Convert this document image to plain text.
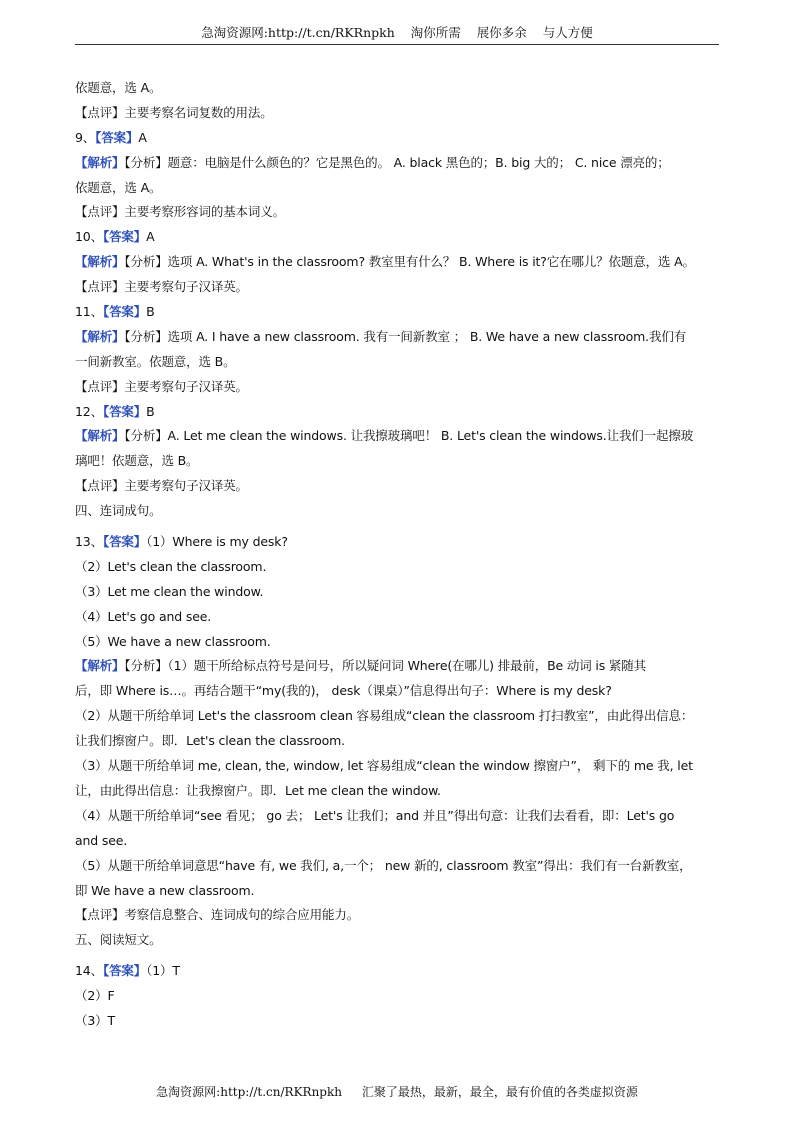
急淘资源网:http://t.cn/RKRnpkh 淘你所需 展你多余 与人方便
依题意，选 A。
【点评】主要考察名词复数的用法。
9、【答案】A
【解析】【分析】题意：电脑是什么颜色的？它是黑色的。 A. black 黑色的；B. big 大的； C. nice 漂亮的；
依题意，选 A。
【点评】主要考察形容词的基本词义。
10、【答案】A
【解析】【分析】选项 A. What's in the classroom? 教室里有什么？ B. Where is it?它在哪儿？依题意，选 A。
【点评】主要考察句子汉译英。
11、【答案】B
【解析】【分析】选项 A. I have a new classroom. 我有一间新教室 ； B. We have a new classroom.我们有
一间新教室。依题意，选 B。
【点评】主要考察句子汉译英。
12、【答案】B
【解析】【分析】A. Let me clean the windows. 让我擦玻璃吧！ B. Let's clean the windows.让我们一起擦玻
璃吧！依题意，选 B。
【点评】主要考察句子汉译英。
四、连词成句。
13、【答案】（1）Where is my desk?
（2）Let's clean the classroom.
（3）Let me clean the window.
（4）Let's go and see.
（5）We have a new classroom.
【解析】【分析】（1）题干所给标点符号是问号，所以疑问词 Where(在哪儿) 排最前，Be 动词 is 紧随其
后，即 Where is…。再结合题干“my(我的)， desk（课桌）”信息得出句子：Where is my desk?
（2）从题干所给单词 Let's the classroom clean 容易组成“clean the classroom 打扫教室”，由此得出信息：
让我们擦窗户。即．Let's clean the classroom.
（3）从题干所给单词 me, clean, the, window, let 容易组成“clean the window 擦窗户”， 剩下的 me 我, let
让，由此得出信息：让我擦窗户。即．Let me clean the window.
（4）从题干所给单词“see 看见； go 去； Let's 让我们；and 并且”得出句意：让我们去看看，即：Let's go
and see.
（5）从题干所给单词意思“have 有, we 我们, a,一个； new 新的, classroom 教室”得出：我们有一台新教室，
即 We have a new classroom.
【点评】考察信息整合、连词成句的综合应用能力。
五、阅读短文。
14、【答案】（1）T
（2）F
（3）T
急淘资源网:http://t.cn/RKRnpkh 汇聚了最热，最新，最全，最有价值的各类虚拟资源
